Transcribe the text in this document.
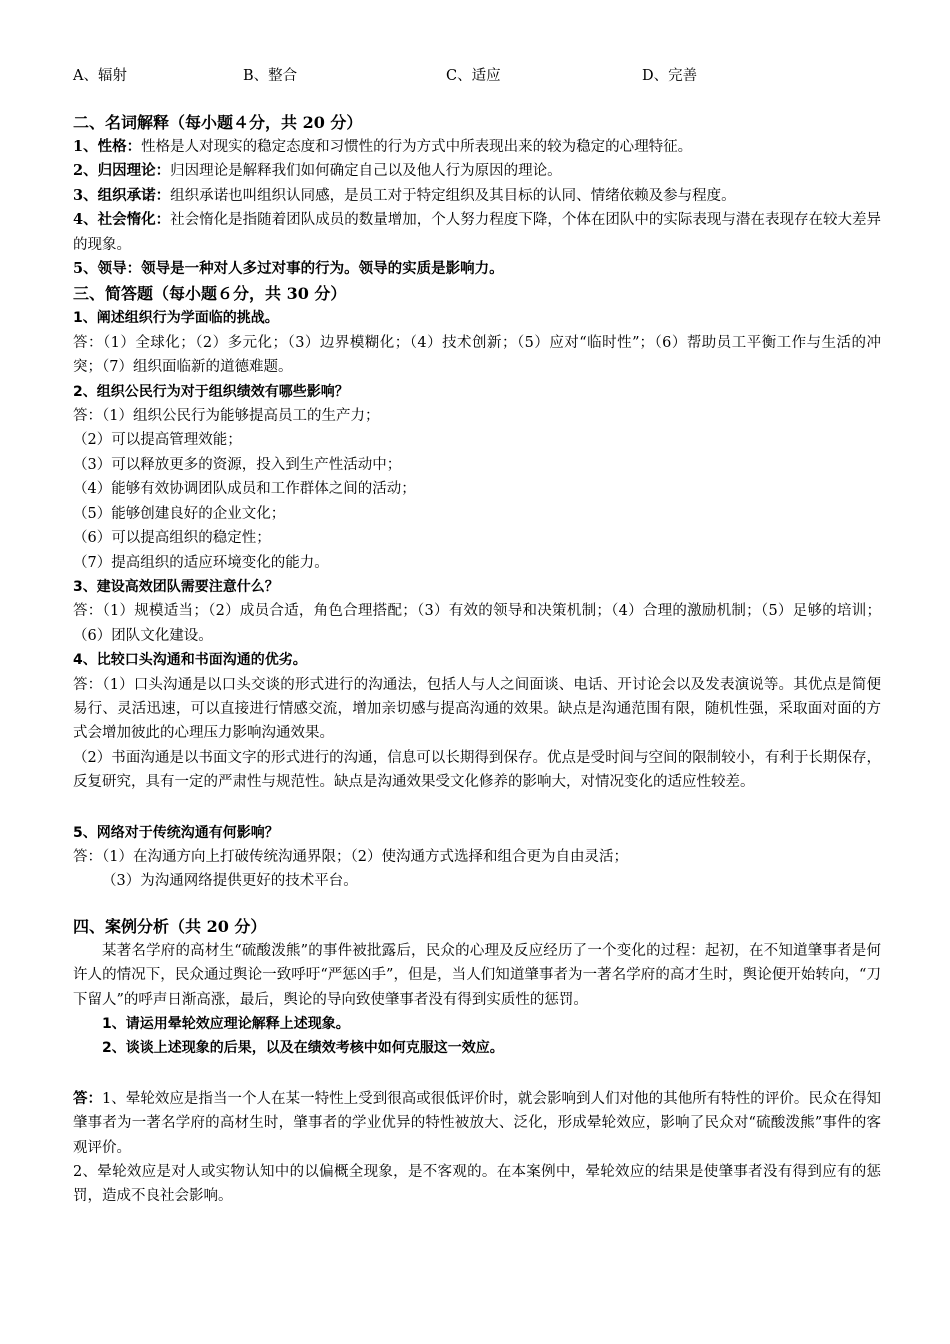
A、辐射	B、整合	C、适应	D、完善
二、名词解释（每小题４分，共 20 分）

1、性格：性格是人对现实的稳定态度和习惯性的行为方式中所表现出来的较为稳定的心理特征。

2、归因理论：归因理论是解释我们如何确定自己以及他人行为原因的理论。

3、组织承诺：组织承诺也叫组织认同感，是员工对于特定组织及其目标的认同、情绪依赖及参与程度。

4、社会惰化：社会惰化是指随着团队成员的数量增加，个人努力程度下降，个体在团队中的实际表现与潜在表现存在较大差异的现象。

5、领导：领导是一种对人多过对事的行为。领导的实质是影响力。

三、简答题（每小题６分，共 30 分）

1、阐述组织行为学面临的挑战。

答：（1）全球化；（2）多元化；（3）边界模糊化；（4）技术创新；（5）应对“临时性”；（6）帮助员工平衡工作与生活的冲突；（7）组织面临新的道德难题。

2、组织公民行为对于组织绩效有哪些影响？

答：（1）组织公民行为能够提高员工的生产力；

（2）可以提高管理效能；

（3）可以释放更多的资源，投入到生产性活动中；

（4）能够有效协调团队成员和工作群体之间的活动；

（5）能够创建良好的企业文化；

（6）可以提高组织的稳定性；

（7）提高组织的适应环境变化的能力。

3、建设高效团队需要注意什么？

答：（1）规模适当；（2）成员合适，角色合理搭配；（3）有效的领导和决策机制；（4）合理的激励机制；（5）足够的培训；（6）团队文化建设。

4、比较口头沟通和书面沟通的优劣。

答：（1）口头沟通是以口头交谈的形式进行的沟通法，包括人与人之间面谈、电话、开讨论会以及发表演说等。其优点是简便易行、灵活迅速，可以直接进行情感交流，增加亲切感与提高沟通的效果。缺点是沟通范围有限，随机性强，采取面对面的方式会增加彼此的心理压力影响沟通效果。

（2）书面沟通是以书面文字的形式进行的沟通，信息可以长期得到保存。优点是受时间与空间的限制较小，有利于长期保存，反复研究，具有一定的严肃性与规范性。缺点是沟通效果受文化修养的影响大，对情况变化的适应性较差。

5、网络对于传统沟通有何影响？

答：（1）在沟通方向上打破传统沟通界限；（2）使沟通方式选择和组合更为自由灵活；

（3）为沟通网络提供更好的技术平台。

四、案例分析（共 20 分）

某著名学府的高材生“硫酸泼熊”的事件被批露后，民众的心理及反应经历了一个变化的过程：起初，在不知道肇事者是何许人的情况下，民众通过舆论一致呼吁“严惩凶手”，但是，当人们知道肇事者为一著名学府的高才生时，舆论便开始转向，“刀下留人”的呼声日渐高涨，最后，舆论的导向致使肇事者没有得到实质性的惩罚。

1、请运用晕轮效应理论解释上述现象。

2、谈谈上述现象的后果，以及在绩效考核中如何克服这一效应。

答：1、晕轮效应是指当一个人在某一特性上受到很高或很低评价时，就会影响到人们对他的其他所有特性的评价。民众在得知肇事者为一著名学府的高材生时，肇事者的学业优异的特性被放大、泛化，形成晕轮效应，影响了民众对“硫酸泼熊”事件的客观评价。

2、晕轮效应是对人或实物认知中的以偏概全现象，是不客观的。在本案例中，晕轮效应的结果是使肇事者没有得到应有的惩罚，造成不良社会影响。
